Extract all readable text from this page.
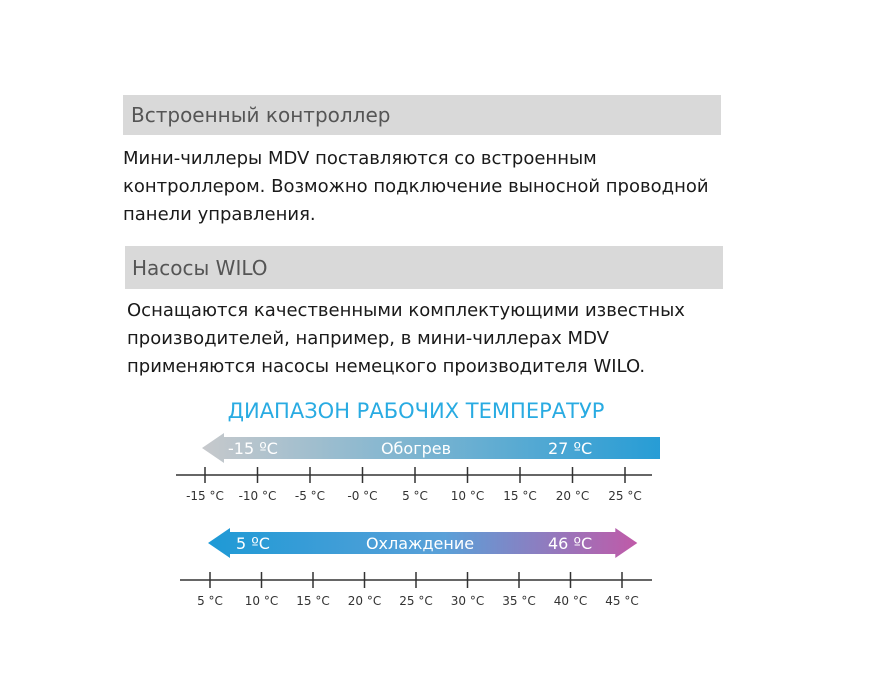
Встроенный контроллер
Мини-чиллеры MDV поставляются со встроенным
контроллером. Возможно подключение выносной проводной
панели управления.
Насосы WILO
Оснащаются качественными комплектующими известных
производителей, например, в мини-чиллерах MDV
применяются насосы немецкого производителя WILO.
ДИАПАЗОН РАБОЧИХ ТЕМПЕРАТУР
-15 ºC	Обогрев	27 ºC
-15 °C -10 °C -5 °C -0 °C 5 °C 10 °C 15 °C 20 °C 25 °C
5 ºC	Охлаждение	46 ºC
5 °C 10 °C 15 °C 20 °C 25 °C 30 °C 35 °C 40 °C 45 °C
